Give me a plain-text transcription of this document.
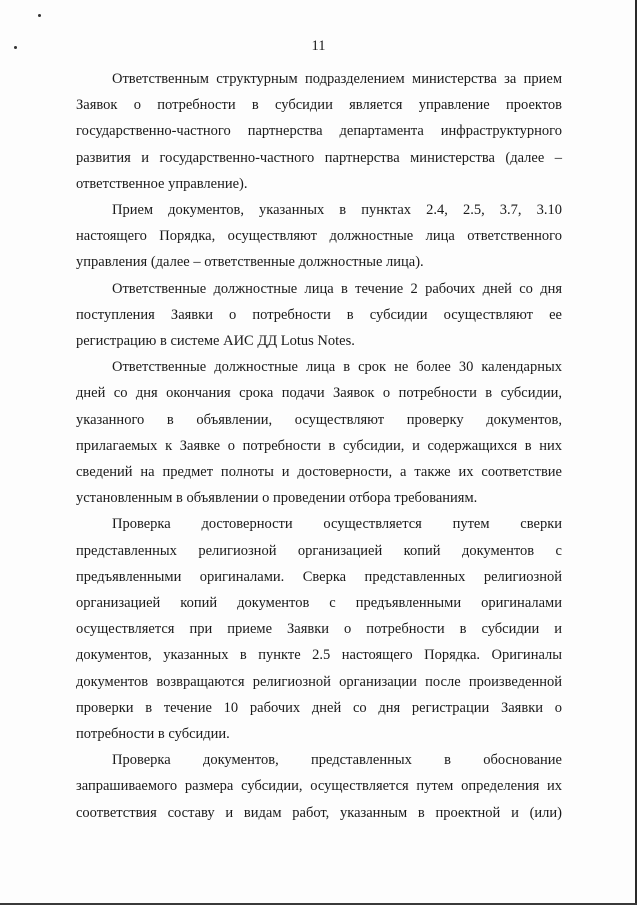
11
Ответственным структурным подразделением министерства за прием
Заявок о потребности в субсидии является управление проектов
государственно-частного партнерства департамента инфраструктурного
развития и государственно-частного партнерства министерства (далее –
ответственное управление).
Прием документов, указанных в пунктах 2.4, 2.5, 3.7, 3.10
настоящего Порядка, осуществляют должностные лица ответственного
управления (далее – ответственные должностные лица).
Ответственные должностные лица в течение 2 рабочих дней со дня
поступления Заявки о потребности в субсидии осуществляют ее
регистрацию в системе АИС ДД Lotus Notes.
Ответственные должностные лица в срок не более 30 календарных
дней со дня окончания срока подачи Заявок о потребности в субсидии,
указанного в объявлении, осуществляют проверку документов,
прилагаемых к Заявке о потребности в субсидии, и содержащихся в них
сведений на предмет полноты и достоверности, а также их соответствие
установленным в объявлении о проведении отбора требованиям.
Проверка достоверности осуществляется путем сверки
представленных религиозной организацией копий документов с
предъявленными оригиналами. Сверка представленных религиозной
организацией копий документов с предъявленными оригиналами
осуществляется при приеме Заявки о потребности в субсидии и
документов, указанных в пункте 2.5 настоящего Порядка. Оригиналы
документов возвращаются религиозной организации после произведенной
проверки в течение 10 рабочих дней со дня регистрации Заявки о
потребности в субсидии.
Проверка документов, представленных в обоснование
запрашиваемого размера субсидии, осуществляется путем определения их
соответствия составу и видам работ, указанным в проектной и (или)
